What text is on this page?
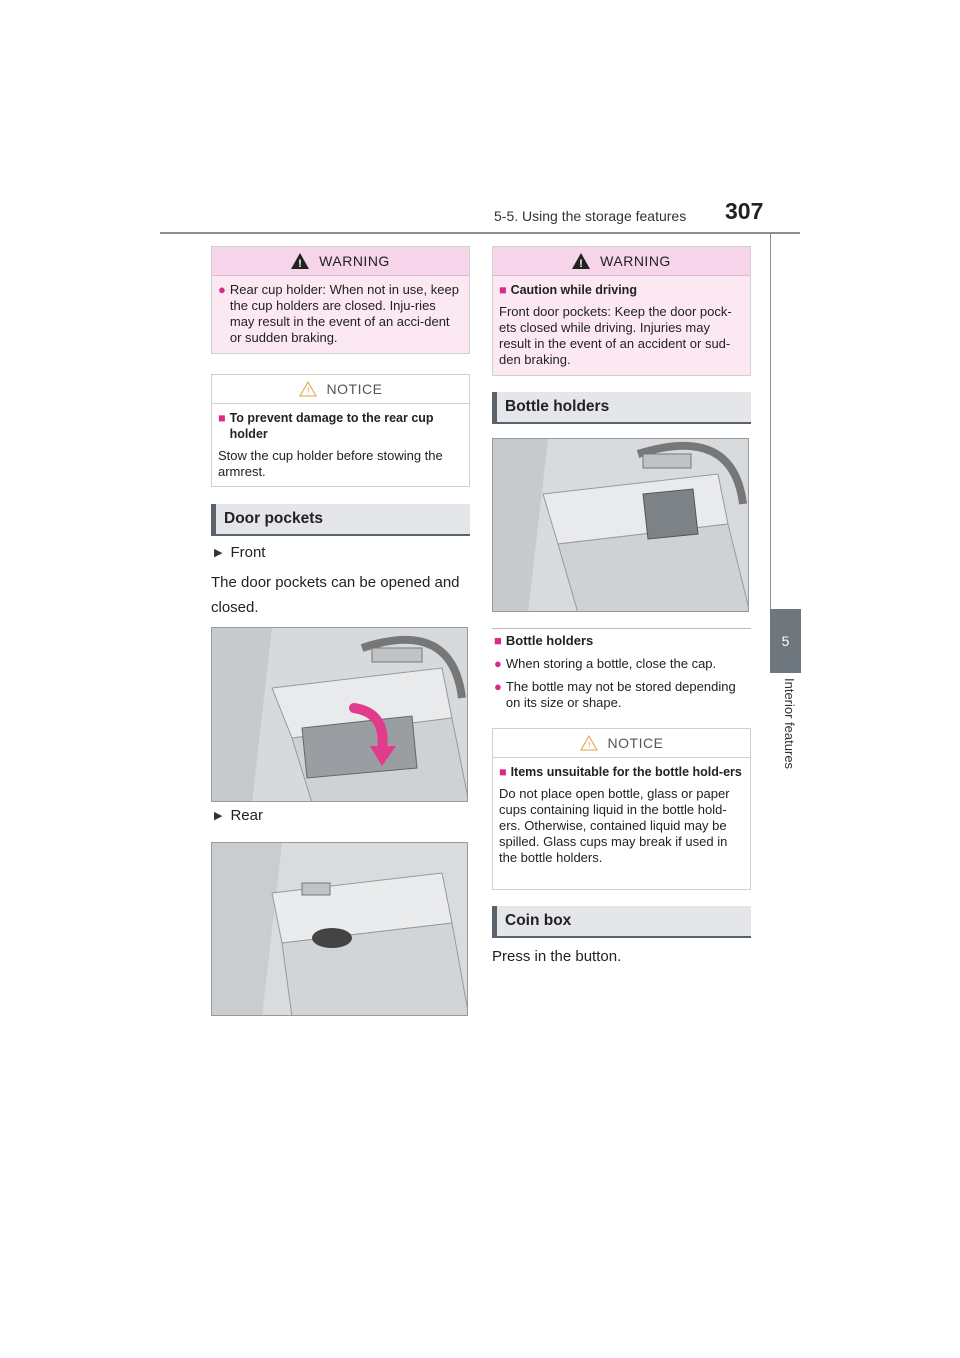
5-5. Using the storage features 307
5
Interior features
!
WARNING
● Rear cup holder: When not in use, keep the cup holders are closed. Inju-ries may result in the event of an acci-dent or sudden braking.
! NOTICE
■ To prevent damage to the rear cup holder
Stow the cup holder before stowing the armrest.
Door pockets
▶ Front
The door pockets can be opened and closed.
▶ Rear
!
WARNING
■ Caution while driving
Front door pockets: Keep the door pock-ets closed while driving. Injuries may result in the event of an accident or sud-den braking.
Bottle holders
■ Bottle holders
● When storing a bottle, close the cap.
● The bottle may not be stored depending on its size or shape.
! NOTICE
■ Items unsuitable for the bottle hold-ers
Do not place open bottle, glass or paper cups containing liquid in the bottle hold-ers. Otherwise, contained liquid may be spilled. Glass cups may break if used in the bottle holders.
Coin box
Press in the button.
